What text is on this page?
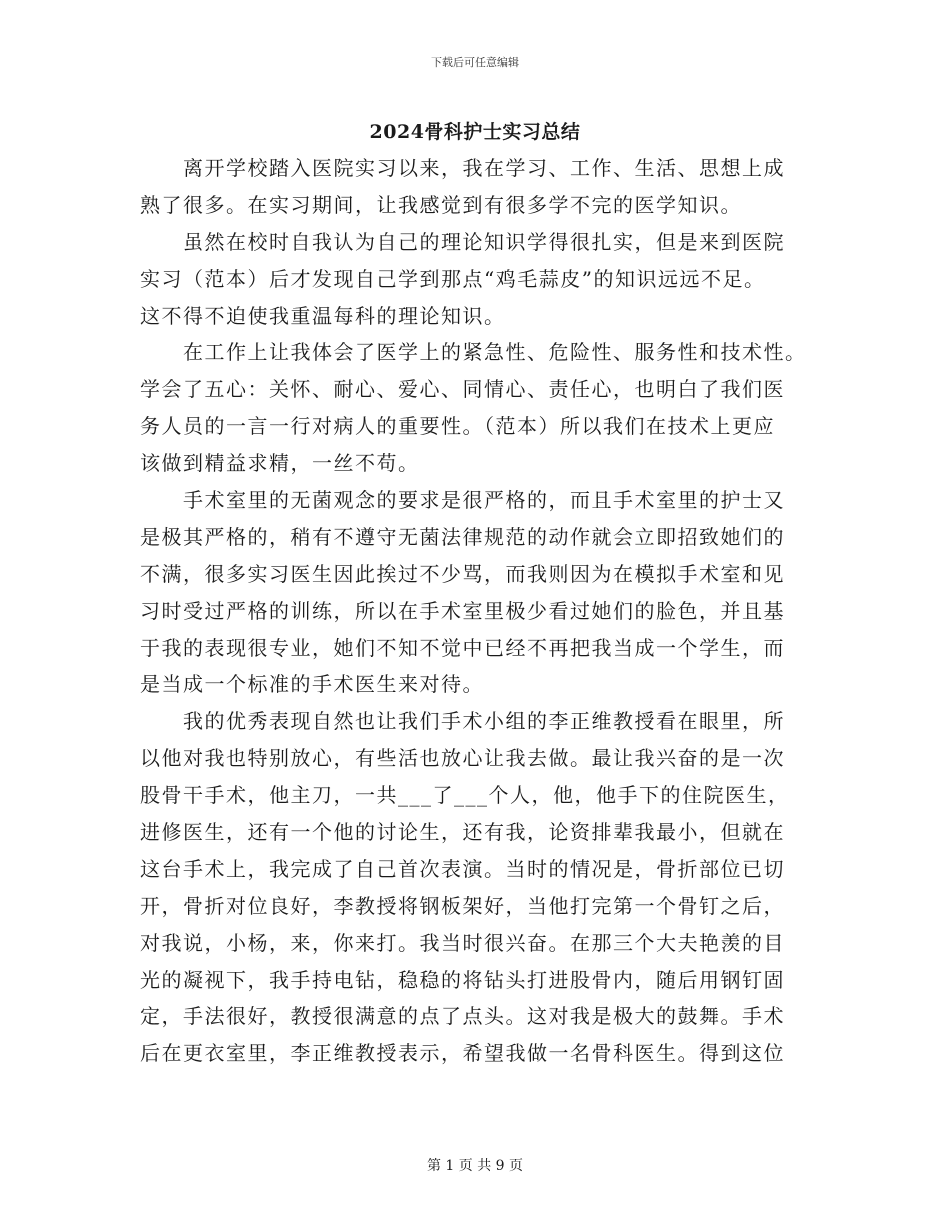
下载后可任意编辑
2024骨科护士实习总结
　　离开学校踏入医院实习以来，我在学习、工作、生活、思想上成
熟了很多。在实习期间，让我感觉到有很多学不完的医学知识。
　　虽然在校时自我认为自己的理论知识学得很扎实，但是来到医院
实习（范本）后才发现自己学到那点“鸡毛蒜皮”的知识远远不足。
这不得不迫使我重温每科的理论知识。
　　在工作上让我体会了医学上的紧急性、危险性、服务性和技术性。
学会了五心：关怀、耐心、爱心、同情心、责任心，也明白了我们医
务人员的一言一行对病人的重要性。（范本）所以我们在技术上更应
该做到精益求精，一丝不苟。
　　手术室里的无菌观念的要求是很严格的，而且手术室里的护士又
是极其严格的，稍有不遵守无菌法律规范的动作就会立即招致她们的
不满，很多实习医生因此挨过不少骂，而我则因为在模拟手术室和见
习时受过严格的训练，所以在手术室里极少看过她们的脸色，并且基
于我的表现很专业，她们不知不觉中已经不再把我当成一个学生，而
是当成一个标准的手术医生来对待。
　　我的优秀表现自然也让我们手术小组的李正维教授看在眼里，所
以他对我也特别放心，有些活也放心让我去做。最让我兴奋的是一次
股骨干手术，他主刀，一共___了___个人，他，他手下的住院医生，
进修医生，还有一个他的讨论生，还有我，论资排辈我最小，但就在
这台手术上，我完成了自己首次表演。当时的情况是，骨折部位已切
开，骨折对位良好，李教授将钢板架好，当他打完第一个骨钉之后，
对我说，小杨，来，你来打。我当时很兴奋。在那三个大夫艳羡的目
光的凝视下，我手持电钻，稳稳的将钻头打进股骨内，随后用钢钉固
定，手法很好，教授很满意的点了点头。这对我是极大的鼓舞。手术
后在更衣室里，李正维教授表示，希望我做一名骨科医生。得到这位
第 1 页 共 9 页
